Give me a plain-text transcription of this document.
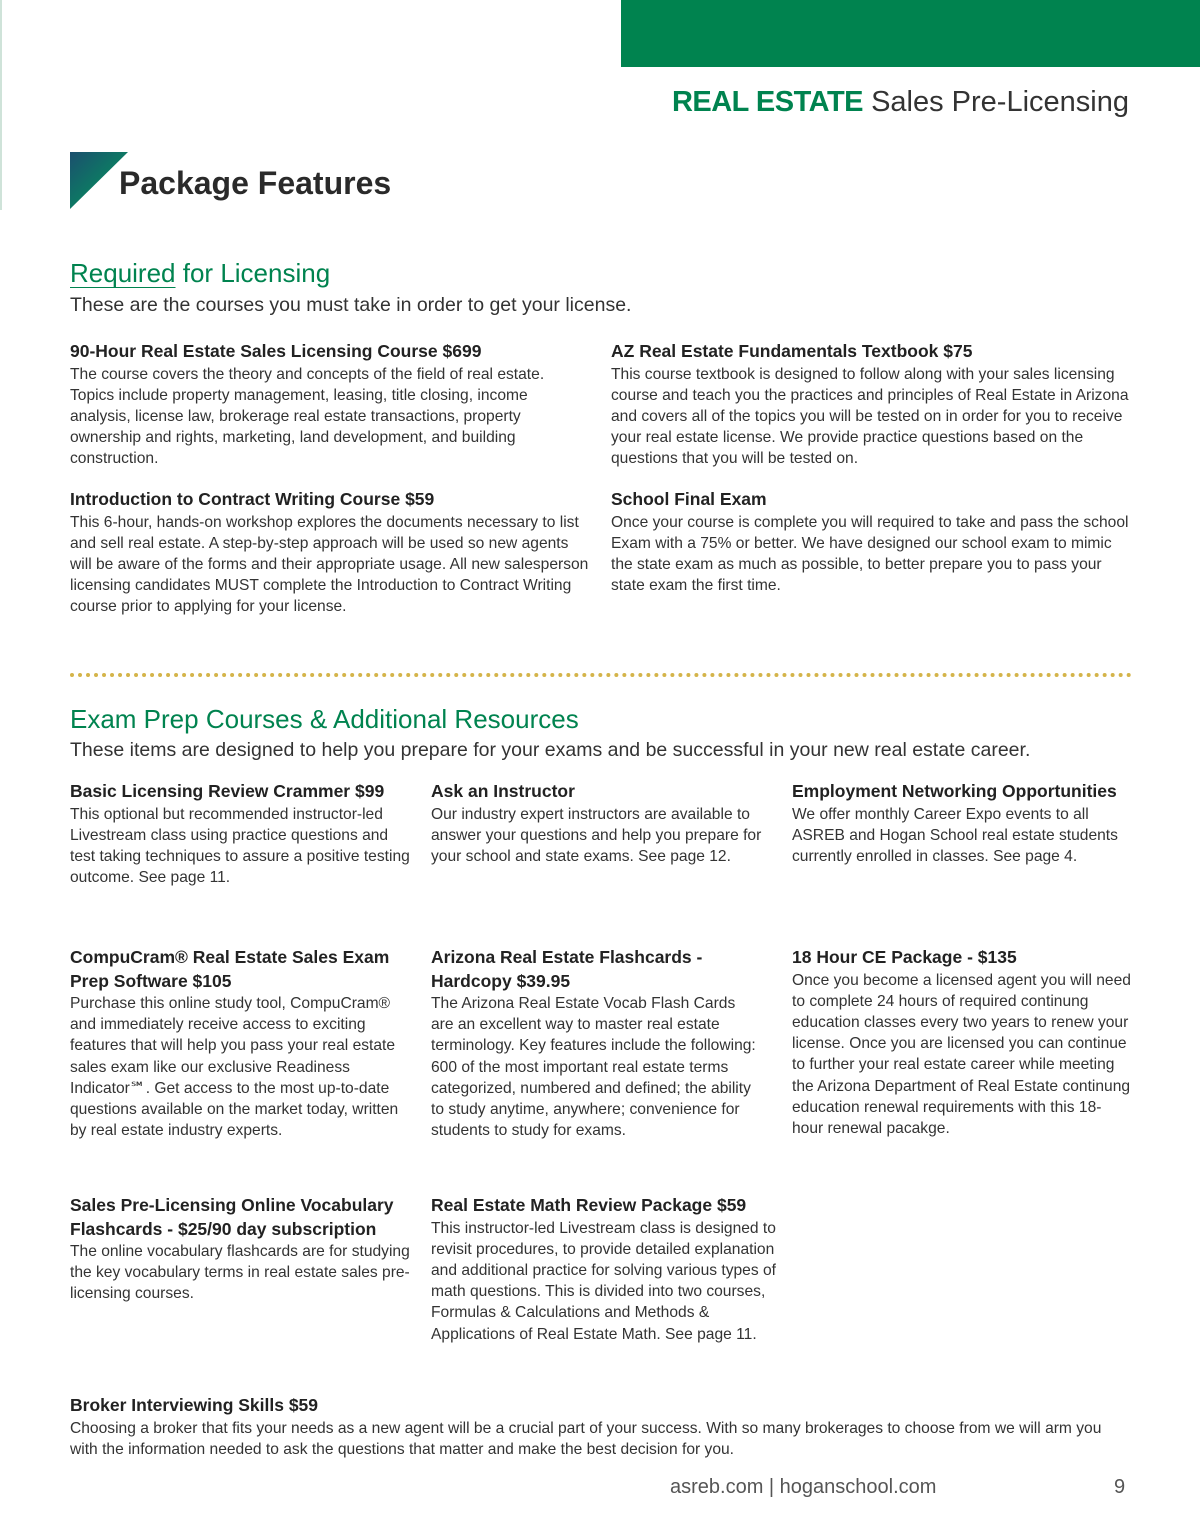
REAL ESTATE Sales Pre-Licensing
Package Features
Required for Licensing

These are the courses you must take in order to get your license.

90-Hour Real Estate Sales Licensing Course $699

The course covers the theory and concepts of the field of real estate. Topics include property management, leasing, title closing, income analysis, license law, brokerage real estate transactions, property ownership and rights, marketing, land development, and building construction.

AZ Real Estate Fundamentals Textbook $75

This course textbook is designed to follow along with your sales licensing course and teach you the practices and principles of Real Estate in Arizona and covers all of the topics you will be tested on in order for you to receive your real estate license. We provide practice questions based on the questions that you will be tested on.

Introduction to Contract Writing Course $59

This 6-hour, hands-on workshop explores the documents necessary to list and sell real estate. A step-by-step approach will be used so new agents will be aware of the forms and their appropriate usage. All new salesperson licensing candidates MUST complete the Introduction to Contract Writing course prior to applying for your license.

School Final Exam

Once your course is complete you will required to take and pass the school Exam with a 75% or better. We have designed our school exam to mimic the state exam as much as possible, to better prepare you to pass your state exam the first time.

Exam Prep Courses & Additional Resources

These items are designed to help you prepare for your exams and be successful in your new real estate career.

Basic Licensing Review Crammer $99

This optional but recommended instructor-led Livestream class using practice questions and test taking techniques to assure a positive testing outcome. See page 11.

Ask an Instructor

Our industry expert instructors are available to answer your questions and help you prepare for your school and state exams. See page 12.

Employment Networking Opportunities

We offer monthly Career Expo events to all ASREB and Hogan School real estate students currently enrolled in classes. See page 4.

CompuCram® Real Estate Sales Exam Prep Software $105

Purchase this online study tool, CompuCram® and immediately receive access to exciting features that will help you pass your real estate sales exam like our exclusive Readiness Indicator℠. Get access to the most up-to-date questions available on the market today, written by real estate industry experts.

Arizona Real Estate Flashcards - Hardcopy $39.95

The Arizona Real Estate Vocab Flash Cards are an excellent way to master real estate terminology. Key features include the following: 600 of the most important real estate terms categorized, numbered and defined; the ability to study anytime, anywhere; convenience for students to study for exams.

18 Hour CE Package - $135

Once you become a licensed agent you will need to complete 24 hours of required continung education classes every two years to renew your license. Once you are licensed you can continue to further your real estate career while meeting the Arizona Department of Real Estate continung education renewal requirements with this 18-hour renewal pacakge.

Sales Pre-Licensing Online Vocabulary Flashcards - $25/90 day subscription

The online vocabulary flashcards are for studying the key vocabulary terms in real estate sales pre-licensing courses.

Real Estate Math Review Package $59

This instructor-led Livestream class is designed to revisit procedures, to provide detailed explanation and additional practice for solving various types of math questions. This is divided into two courses, Formulas & Calculations and Methods & Applications of Real Estate Math. See page 11.

Broker Interviewing Skills $59

Choosing a broker that fits your needs as a new agent will be a crucial part of your success. With so many brokerages to choose from we will arm you with the information needed to ask the questions that matter and make the best decision for you.

asreb.com | hoganschool.com	9
